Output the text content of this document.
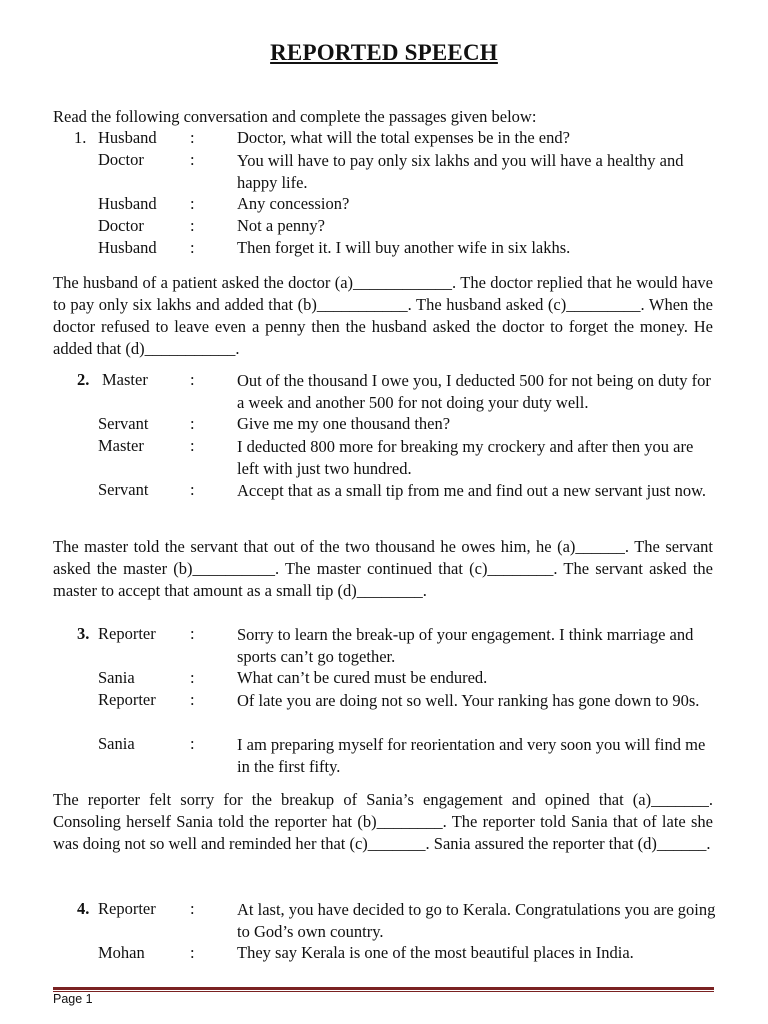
REPORTED SPEECH
Read the following conversation and complete the passages given below:
1. Husband :	Doctor, what will the total expenses be in the end?
Doctor	:	You will have to pay only six lakhs and you will have a healthy and happy life.
Husband :	Any concession?
Doctor	:	Not a penny?
Husband :	Then forget it. I will buy another wife in six lakhs.
The husband of a patient asked the doctor (a)____________. The doctor replied that he would have to pay only six lakhs and added that (b)___________. The husband asked (c)_________. When the doctor refused to leave even a penny then the husband asked the doctor to forget the money. He added that (d)___________.
2. Master	:	Out of the thousand I owe you, I deducted 500 for not being on duty for a week and another 500 for not doing your duty well.
Servant	:	Give me my one thousand then?
Master	:	I deducted 800 more for breaking my crockery and after then you are left with just two hundred.
Servant	:	Accept that as a small tip from me and find out a new servant just now.
The master told the servant that out of the two thousand he owes him, he (a)______. The servant asked the master (b)__________. The master continued that (c)________. The servant asked the master to accept that amount as a small tip (d)________.
3. Reporter :	Sorry to learn the break-up of your engagement. I think marriage and sports can’t go together.
Sania	:	What can’t be cured must be endured.
Reporter :	Of late you are doing not so well. Your ranking has gone down to 90s.
Sania	:	I am preparing myself for reorientation and very soon you will find me in the first fifty.
The reporter felt sorry for the breakup of Sania’s engagement and opined that (a)_______. Consoling herself Sania told the reporter hat (b)________. The reporter told Sania that of late she was doing not so well and reminded her that (c)_______. Sania assured the reporter that (d)______.
4. Reporter :	At last, you have decided to go to Kerala. Congratulations you are going to God’s own country.
Mohan	:	They say Kerala is one of the most beautiful places in India.
Page 1
